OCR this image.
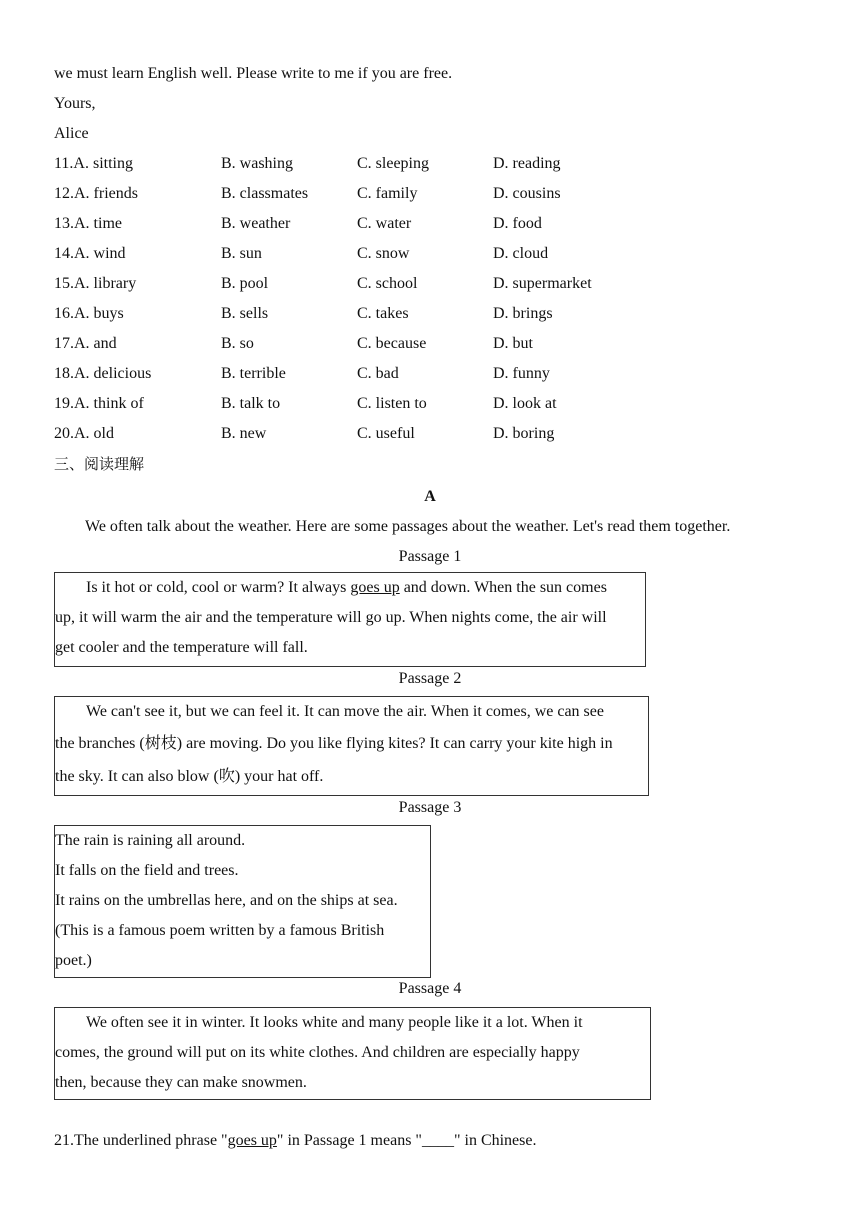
we must learn English well. Please write to me if you are free.
Yours,
Alice
11.A. sitting	B. washing	C. sleeping	D. reading
12.A. friends	B. classmates	C. family	D. cousins
13.A. time	B. weather	C. water	D. food
14.A. wind	B. sun	C. snow	D. cloud
15.A. library	B. pool	C. school	D. supermarket
16.A. buys	B. sells	C. takes	D. brings
17.A. and	B. so	C. because	D. but
18.A. delicious	B. terrible	C. bad	D. funny
19.A. think of	B. talk to	C. listen to	D. look at
20.A. old	B. new	C. useful	D. boring
三、阅读理解
A
We often talk about the weather. Here are some passages about the weather. Let's read them together.
Passage 1

Is it hot or cold, cool or warm? It always goes up and down. When the sun comes

up, it will warm the air and the temperature will go up. When nights come, the air will

get cooler and the temperature will fall.

Passage 2

We can't see it, but we can feel it. It can move the air. When it comes, we can see

the branches (树枝) are moving. Do you like flying kites? It can carry your kite high in

the sky. It can also blow (吹) your hat off.

Passage 3

The rain is raining all around.

It falls on the field and trees.

It rains on the umbrellas here, and on the ships at sea.

(This is a famous poem written by a famous British

poet.)

Passage 4

We often see it in winter. It looks white and many people like it a lot. When it

comes, the ground will put on its white clothes. And children are especially happy

then, because they can make snowmen.

21.The underlined phrase "goes up" in Passage 1 means "____" in Chinese.
